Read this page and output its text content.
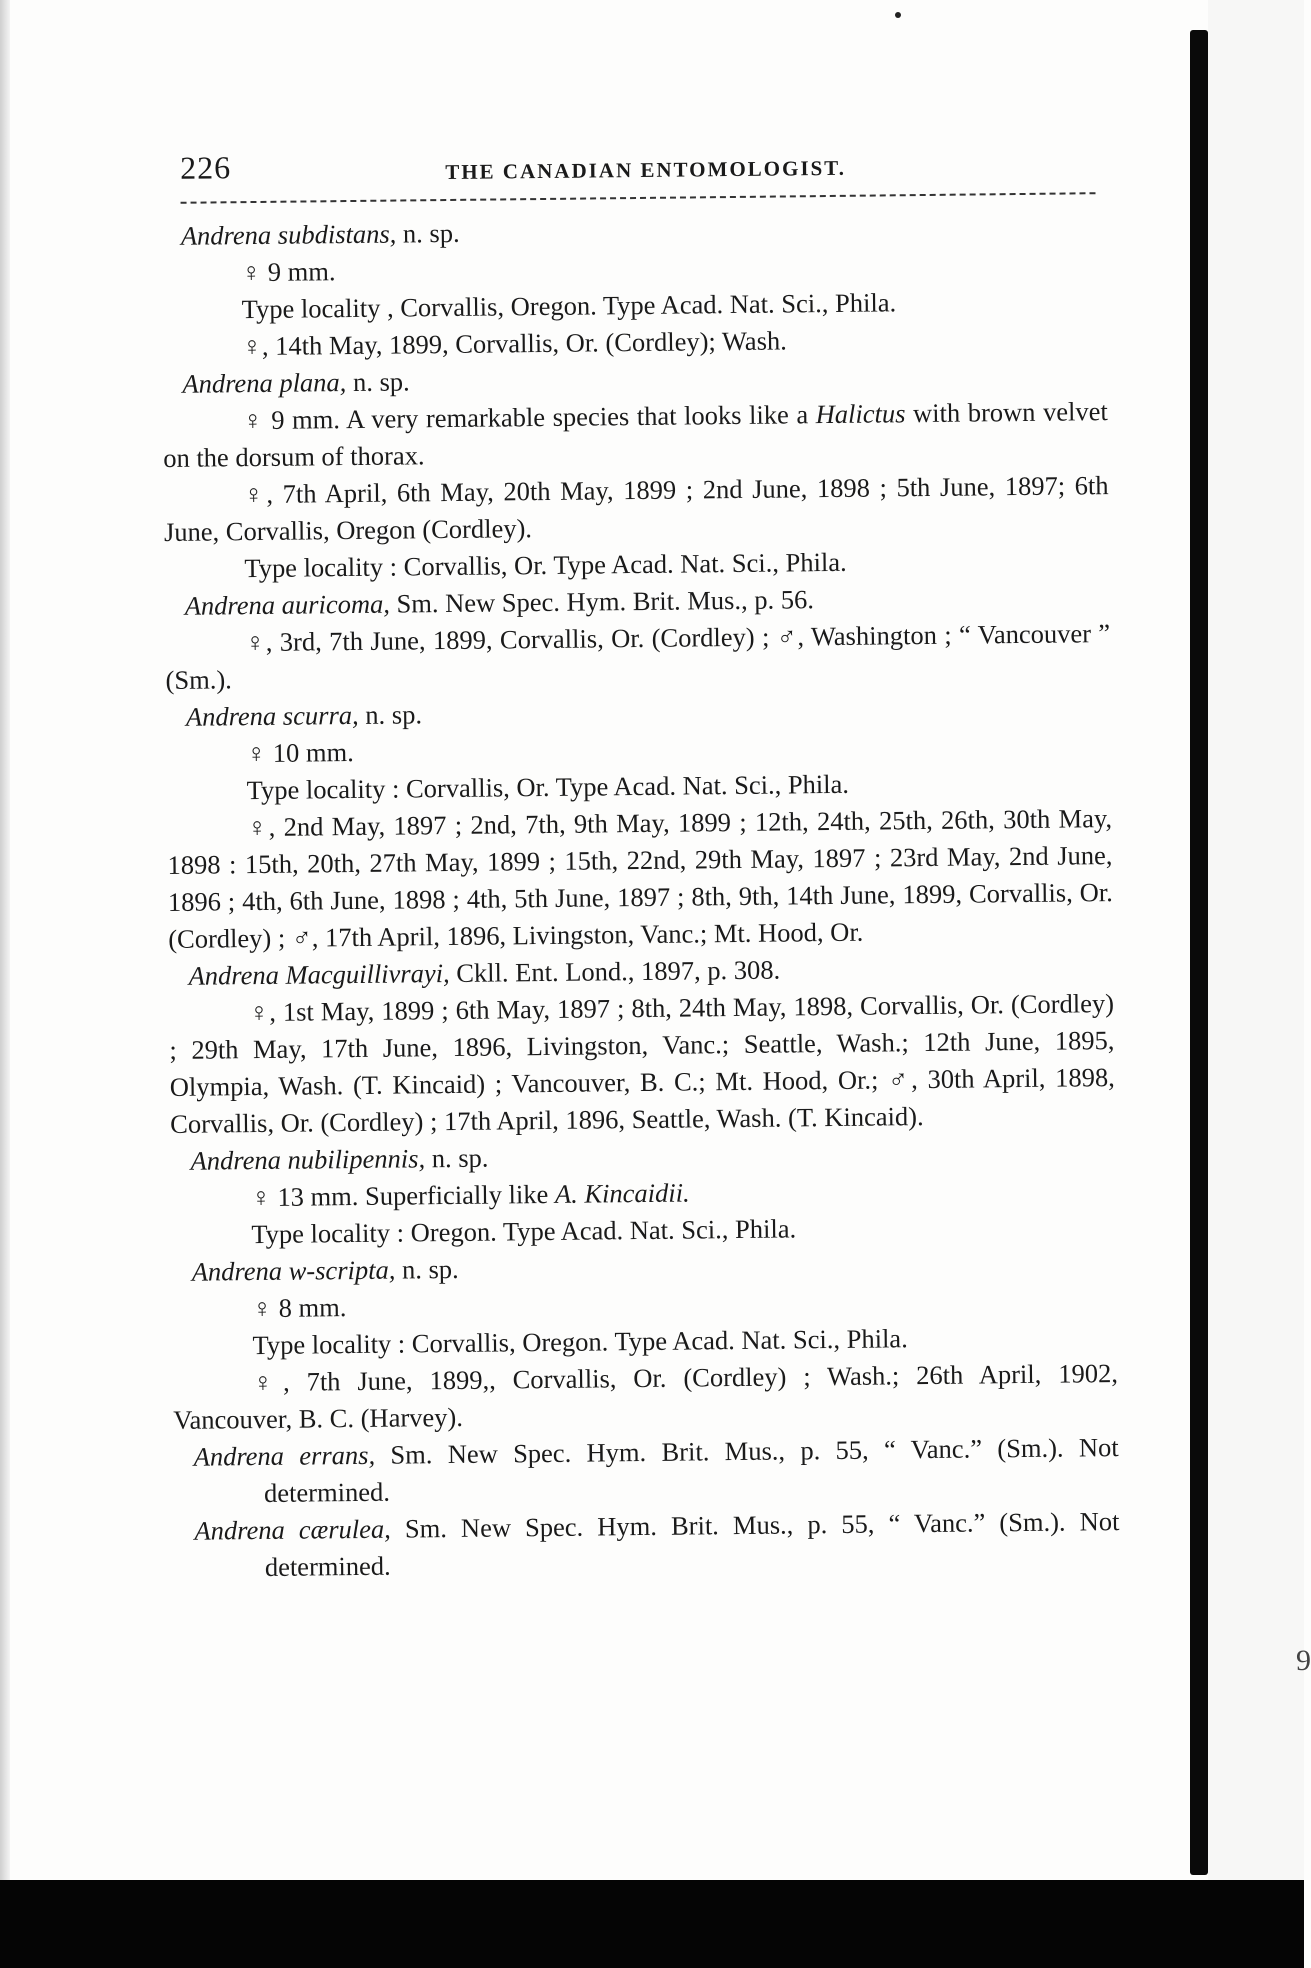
9
226	THE CANADIAN ENTOMOLOGIST.

Andrena subdistans, n. sp.

♀ 9 mm.

Type locality , Corvallis, Oregon. Type Acad. Nat. Sci., Phila.

♀, 14th May, 1899, Corvallis, Or. (Cordley); Wash.

Andrena plana, n. sp.

♀ 9 mm. A very remarkable species that looks like a Halictus with brown velvet on the dorsum of thorax.

♀, 7th April, 6th May, 20th May, 1899 ; 2nd June, 1898 ; 5th June, 1897; 6th June, Corvallis, Oregon (Cordley).

Type locality : Corvallis, Or. Type Acad. Nat. Sci., Phila.

Andrena auricoma, Sm. New Spec. Hym. Brit. Mus., p. 56.

♀, 3rd, 7th June, 1899, Corvallis, Or. (Cordley) ; ♂, Washington ; “ Vancouver ” (Sm.).

Andrena scurra, n. sp.

♀ 10 mm.

Type locality : Corvallis, Or. Type Acad. Nat. Sci., Phila.

♀, 2nd May, 1897 ; 2nd, 7th, 9th May, 1899 ; 12th, 24th, 25th, 26th, 30th May, 1898 : 15th, 20th, 27th May, 1899 ; 15th, 22nd, 29th May, 1897 ; 23rd May, 2nd June, 1896 ; 4th, 6th June, 1898 ; 4th, 5th June, 1897 ; 8th, 9th, 14th June, 1899, Corvallis, Or. (Cordley) ; ♂, 17th April, 1896, Livingston, Vanc.; Mt. Hood, Or.

Andrena Macguillivrayi, Ckll. Ent. Lond., 1897, p. 308.

♀, 1st May, 1899 ; 6th May, 1897 ; 8th, 24th May, 1898, Corvallis, Or. (Cordley) ; 29th May, 17th June, 1896, Livingston, Vanc.; Seattle, Wash.; 12th June, 1895, Olympia, Wash. (T. Kincaid) ; Vancouver, B. C.; Mt. Hood, Or.; ♂, 30th April, 1898, Corvallis, Or. (Cordley) ; 17th April, 1896, Seattle, Wash. (T. Kincaid).

Andrena nubilipennis, n. sp.

♀ 13 mm. Superficially like A. Kincaidii.

Type locality : Oregon. Type Acad. Nat. Sci., Phila.

Andrena w-scripta, n. sp.

♀ 8 mm.

Type locality : Corvallis, Oregon. Type Acad. Nat. Sci., Phila.

♀, 7th June, 1899,, Corvallis, Or. (Cordley) ; Wash.; 26th April, 1902, Vancouver, B. C. (Harvey).

Andrena errans, Sm. New Spec. Hym. Brit. Mus., p. 55, “ Vanc.” (Sm.). Not determined.

Andrena cærulea, Sm. New Spec. Hym. Brit. Mus., p. 55, “ Vanc.” (Sm.). Not determined.
